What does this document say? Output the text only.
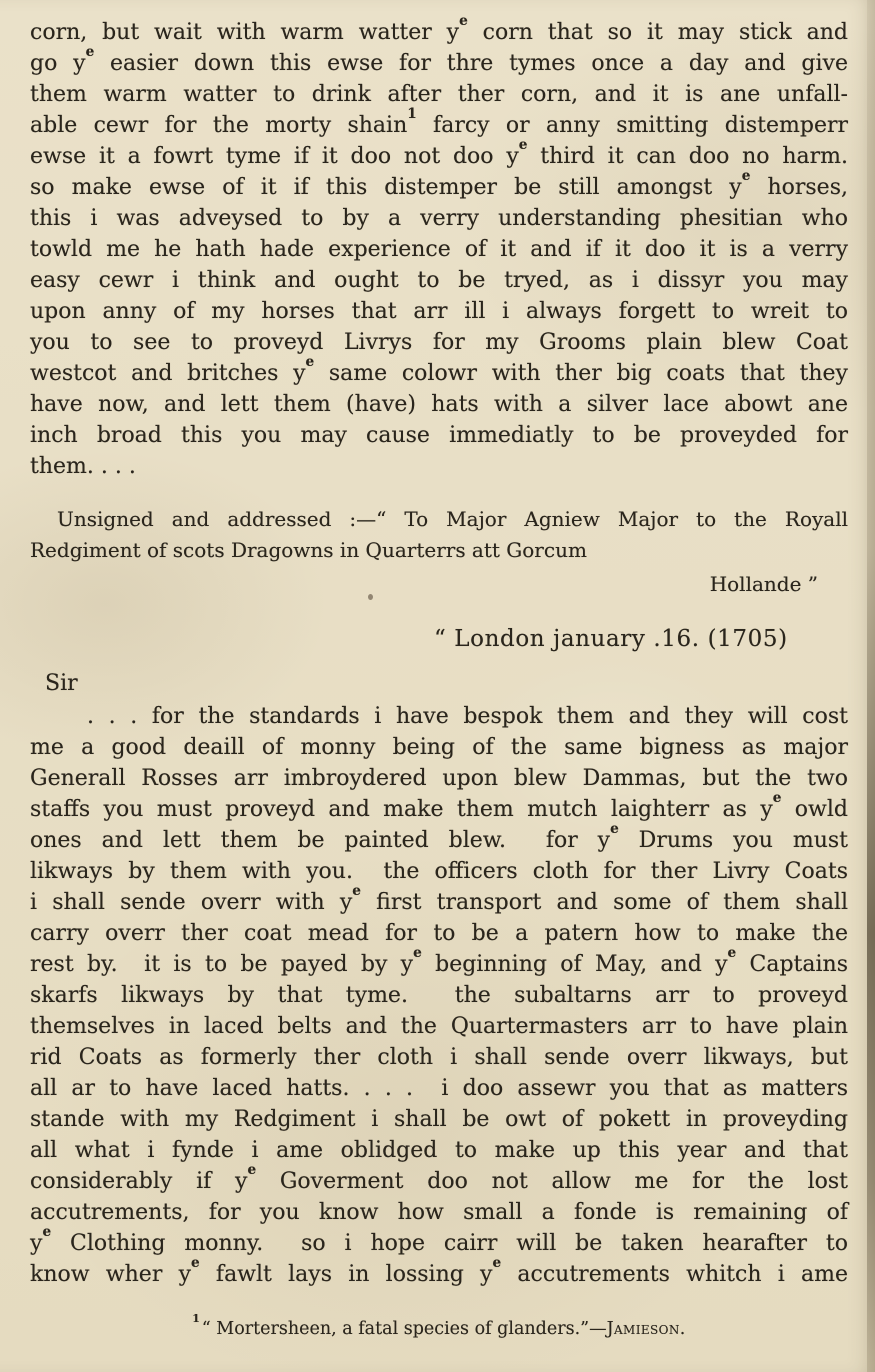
corn, but wait with warm watter $y^e$ corn that so it may stick and
go $y^e$ easier down this ewse for thre tymes once a day and give
them warm watter to drink after ther corn, and it is ane unfall-
able cewr for the morty shain$^1$ farcy or anny smitting distemperr
ewse it a fowrt tyme if it doo not doo $y^e$ third it can doo no harm.
so make ewse of it if this distemper be still amongst $y^e$ horses,
this i was adveysed to by a verry understanding phesitian who
towld me he hath hade experience of it and if it doo it is a verry
easy cewr i think and ought to be tryed, as i dissyr you may
upon anny of my horses that arr ill i always forgett to wreit to
you to see to proveyd Livrys for my Grooms plain blew Coat
westcot and britches $y^e$ same colowr with ther big coats that they
have now, and lett them (have) hats with a silver lace abowt ane
inch broad this you may cause immediatly to be proveyded for
them. . . .
Unsigned and addressed :—“ To Major Agniew Major to the Royall
Redgiment of scots Dragowns in Quarterrs att Gorcum
Hollande ”
“ London january .16. (1705)
Sir
. . . for the standards i have bespok them and they will cost
me a good deaill of monny being of the same bigness as major
Generall Rosses arr imbroydered upon blew Dammas, but the two
staffs you must proveyd and make them mutch laighterr as $y^e$ owld
ones and lett them be painted blew.  for $y^e$ Drums you must
likways by them with you.  the officers cloth for ther Livry Coats
i shall sende overr with $y^e$ first transport and some of them shall
carry overr ther coat mead for to be a patern how to make the
rest by.  it is to be payed by $y^e$ beginning of May, and $y^e$ Captains
skarfs likways by that tyme.  the subaltarns arr to proveyd
themselves in laced belts and the Quartermasters arr to have plain
rid Coats as formerly ther cloth i shall sende overr likways, but
all ar to have laced hatts. . . .  i doo assewr you that as matters
stande with my Redgiment i shall be owt of pokett in proveyding
all what i fynde i ame oblidged to make up this year and that
considerably if $y^e$ Goverment doo not allow me for the lost
accutrements, for you know how small a fonde is remaining of
$y^e$ Clothing monny.  so i hope cairr will be taken hearafter to
know wher $y^e$ fawlt lays in lossing $y^e$ accutrements whitch i ame
$^1$“ Mortersheen, a fatal species of glanders.”—Jamieson.
